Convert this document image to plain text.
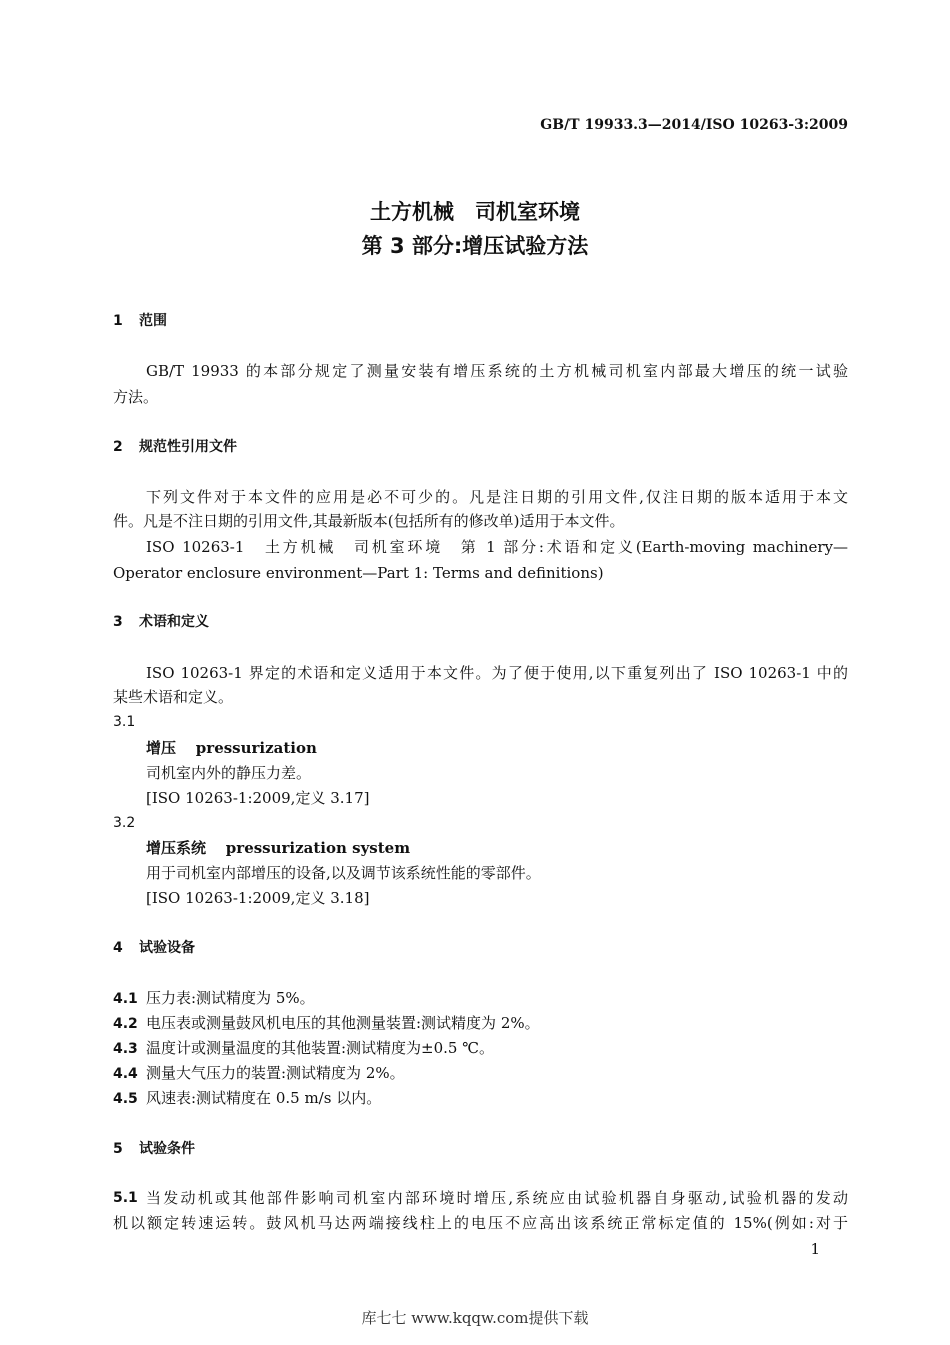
GB/T 19933.3—2014/ISO 10263-3:2009
土方机械　司机室环境
第 3 部分:增压试验方法
1 范围
GB/T 19933 的本部分规定了测量安装有增压系统的土方机械司机室内部最大增压的统一试验
方法。
2 规范性引用文件
下列文件对于本文件的应用是必不可少的。凡是注日期的引用文件,仅注日期的版本适用于本文
件。凡是不注日期的引用文件,其最新版本(包括所有的修改单)适用于本文件。
ISO 10263-1　土方机械　司机室环境　第 1 部分:术语和定义(Earth-moving machinery—
Operator enclosure environment—Part 1: Terms and definitions)
3 术语和定义
ISO 10263-1 界定的术语和定义适用于本文件。为了便于使用,以下重复列出了 ISO 10263-1 中的
某些术语和定义。
3.1
增压　 pressurization
司机室内外的静压力差。
[ISO 10263-1:2009,定义 3.17]
3.2
增压系统　 pressurization system
用于司机室内部增压的设备,以及调节该系统性能的零部件。
[ISO 10263-1:2009,定义 3.18]
4 试验设备
4.1 压力表:测试精度为 5%。
4.2 电压表或测量鼓风机电压的其他测量装置:测试精度为 2%。
4.3 温度计或测量温度的其他装置:测试精度为±0.5 ℃。
4.4 测量大气压力的装置:测试精度为 2%。
4.5 风速表:测试精度在 0.5 m/s 以内。
5 试验条件
5.1 当发动机或其他部件影响司机室内部环境时增压,系统应由试验机器自身驱动,试验机器的发动
机以额定转速运转。鼓风机马达两端接线柱上的电压不应高出该系统正常标定值的 15%(例如:对于
1
库七七 www.kqqw.com提供下载
